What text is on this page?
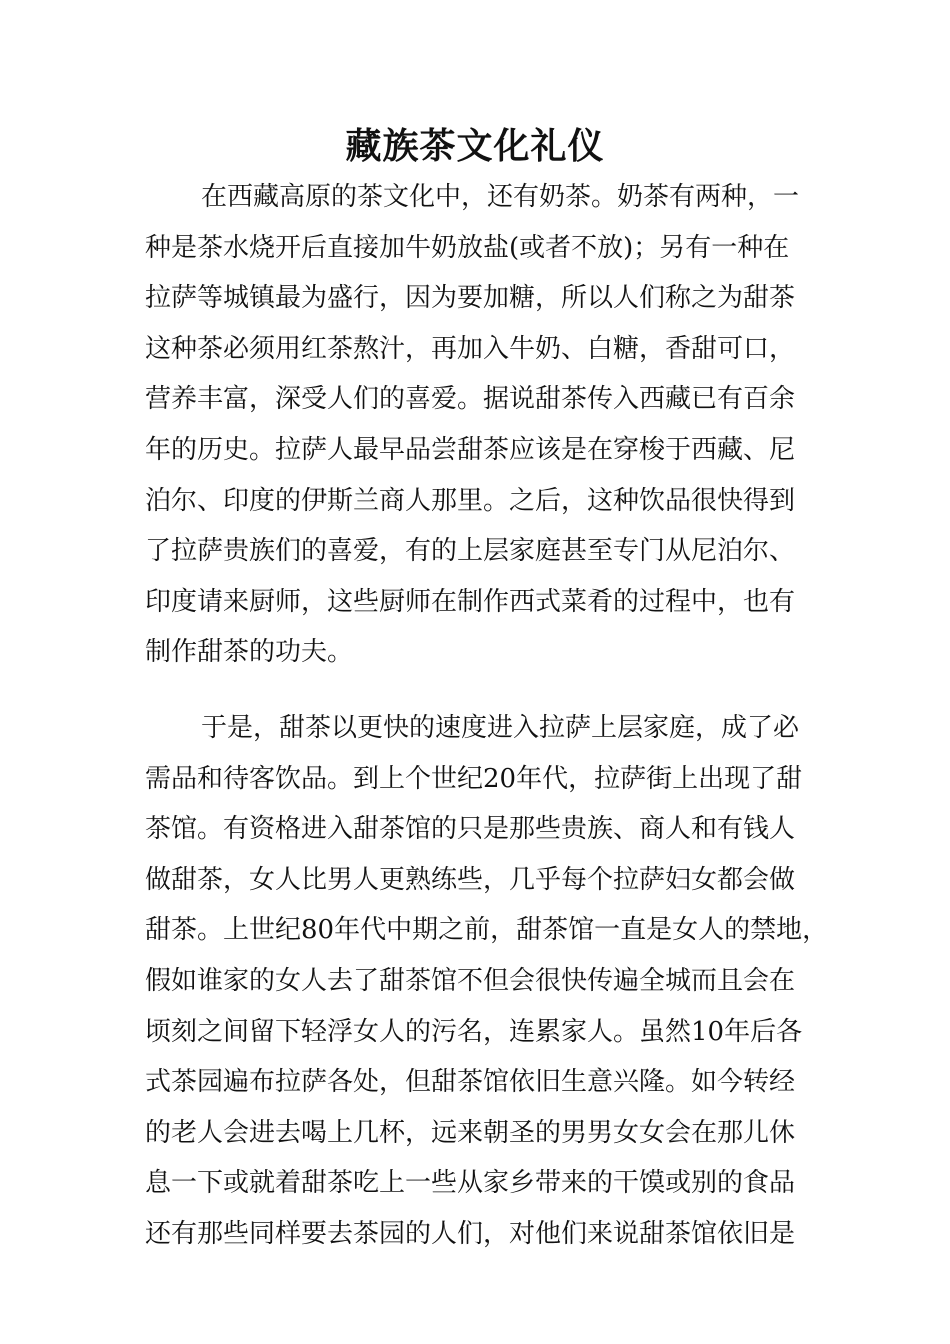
藏族茶文化礼仪
在西藏高原的茶文化中，还有奶茶。奶茶有两种，一
种是茶水烧开后直接加牛奶放盐(或者不放)；另有一种在
拉萨等城镇最为盛行，因为要加糖，所以人们称之为甜茶
这种茶必须用红茶熬汁，再加入牛奶、白糖，香甜可口，
营养丰富，深受人们的喜爱。据说甜茶传入西藏已有百余
年的历史。拉萨人最早品尝甜茶应该是在穿梭于西藏、尼
泊尔、印度的伊斯兰商人那里。之后，这种饮品很快得到
了拉萨贵族们的喜爱，有的上层家庭甚至专门从尼泊尔、
印度请来厨师，这些厨师在制作西式菜肴的过程中，也有
制作甜茶的功夫。
于是，甜茶以更快的速度进入拉萨上层家庭，成了必
需品和待客饮品。到上个世纪20年代，拉萨街上出现了甜
茶馆。有资格进入甜茶馆的只是那些贵族、商人和有钱人
做甜茶，女人比男人更熟练些，几乎每个拉萨妇女都会做
甜茶。上世纪80年代中期之前，甜茶馆一直是女人的禁地，
假如谁家的女人去了甜茶馆不但会很快传遍全城而且会在
顷刻之间留下轻浮女人的污名，连累家人。虽然10年后各
式茶园遍布拉萨各处，但甜茶馆依旧生意兴隆。如今转经
的老人会进去喝上几杯，远来朝圣的男男女女会在那儿休
息一下或就着甜茶吃上一些从家乡带来的干馍或别的食品
还有那些同样要去茶园的人们，对他们来说甜茶馆依旧是
